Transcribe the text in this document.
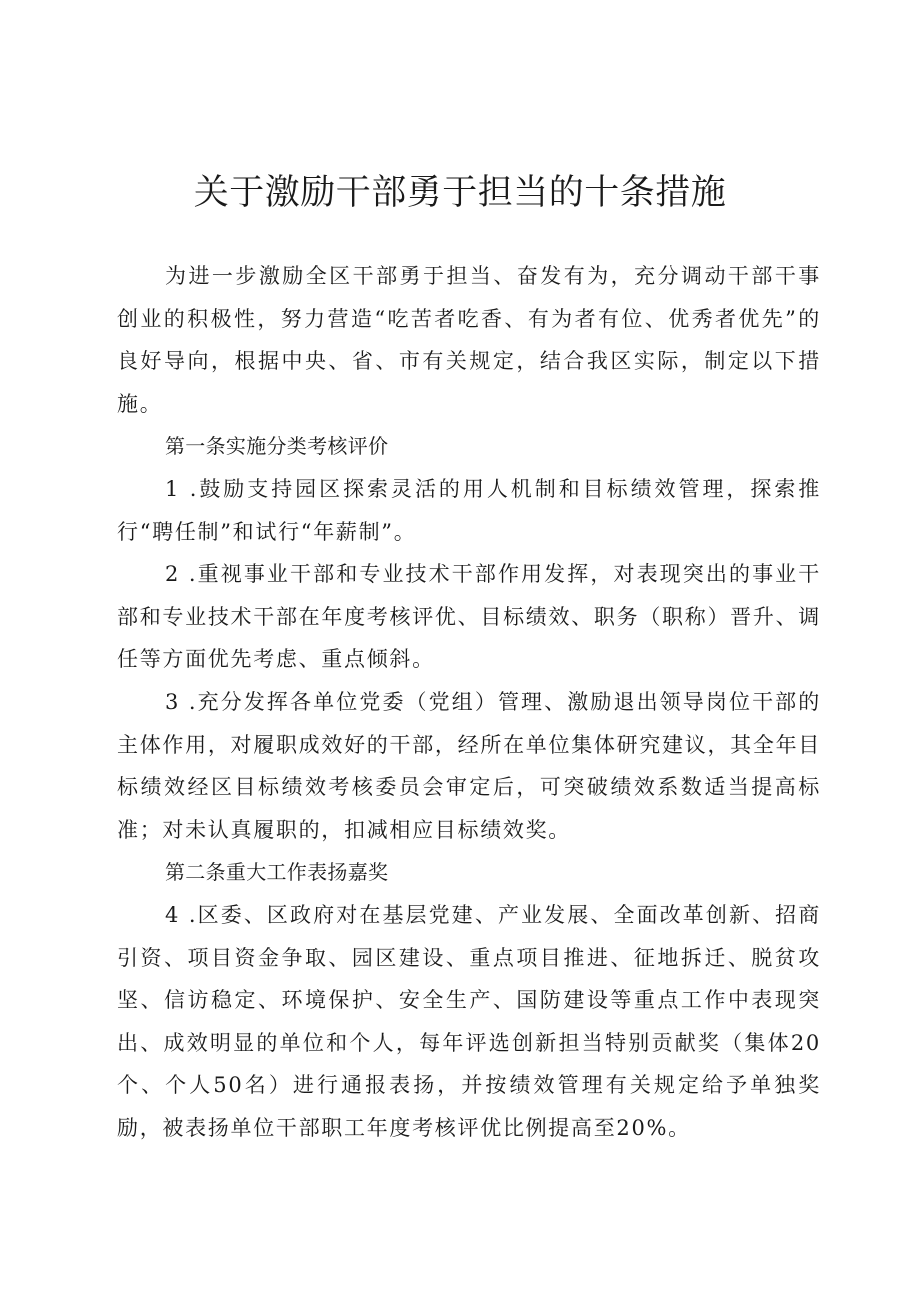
关于激励干部勇于担当的十条措施

为进一步激励全区干部勇于担当、奋发有为，充分调动干部干事创业的积极性，努力营造“吃苦者吃香、有为者有位、优秀者优先”的良好导向，根据中央、省、市有关规定，结合我区实际，制定以下措施。

第一条实施分类考核评价

1 .鼓励支持园区探索灵活的用人机制和目标绩效管理，探索推行“聘任制”和试行“年薪制”。

2 .重视事业干部和专业技术干部作用发挥，对表现突出的事业干部和专业技术干部在年度考核评优、目标绩效、职务（职称）晋升、调任等方面优先考虑、重点倾斜。

3 .充分发挥各单位党委（党组）管理、激励退出领导岗位干部的主体作用，对履职成效好的干部，经所在单位集体研究建议，其全年目标绩效经区目标绩效考核委员会审定后，可突破绩效系数适当提高标准；对未认真履职的，扣减相应目标绩效奖。

第二条重大工作表扬嘉奖

4 .区委、区政府对在基层党建、产业发展、全面改革创新、招商引资、项目资金争取、园区建设、重点项目推进、征地拆迁、脱贫攻坚、信访稳定、环境保护、安全生产、国防建设等重点工作中表现突出、成效明显的单位和个人，每年评选创新担当特别贡献奖（集体20个、个人50名）进行通报表扬，并按绩效管理有关规定给予单独奖励，被表扬单位干部职工年度考核评优比例提高至20%。
